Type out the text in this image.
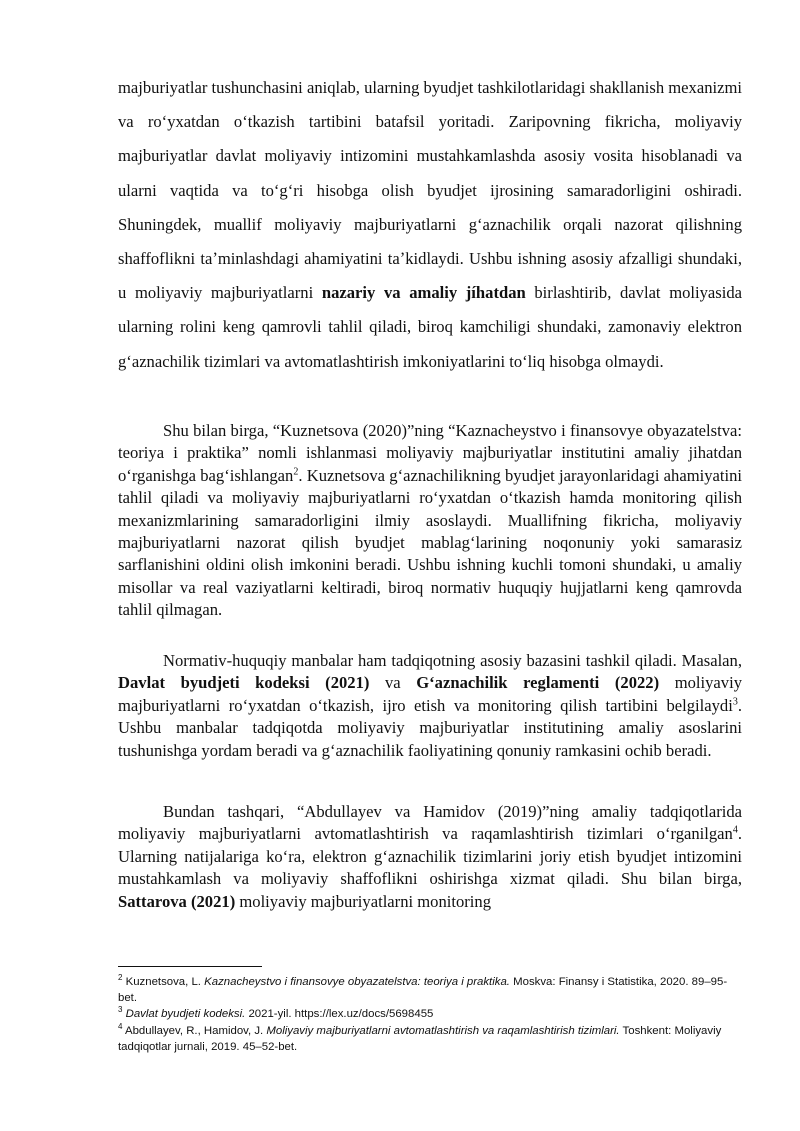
majburiyatlar tushunchasini aniqlab, ularning byudjet tashkilotlaridagi shakllanish mexanizmi va roʻyxatdan oʻtkazish tartibini batafsil yoritadi. Zaripovning fikricha, moliyaviy majburiyatlar davlat moliyaviy intizomini mustahkamlashda asosiy vosita hisoblanadi va ularni vaqtida va toʻgʻri hisobga olish byudjet ijrosining samaradorligini oshiradi. Shuningdek, muallif moliyaviy majburiyatlarni gʻaznachilik orqali nazorat qilishning shaffoflikni taʼminlashdagi ahamiyatini taʼkidlaydi. Ushbu ishning asosiy afzalligi shundaki, u moliyaviy majburiyatlarni nazariy va amaliy jíhatdan birlashtirib, davlat moliyasida ularning rolini keng qamrovli tahlil qiladi, biroq kamchiligi shundaki, zamonaviy elektron gʻaznachilik tizimlari va avtomatlashtirish imkoniyatlarini toʻliq hisobga olmaydi.

Shu bilan birga, “Kuznetsova (2020)”ning “Kaznacheystvo i finansovye obyazatelstva: teoriya i praktika” nomli ishlanmasi moliyaviy majburiyatlar institutini amaliy jihatdan oʻrganishga bagʻishlangan$^2$. Kuznetsova gʻaznachilikning byudjet jarayonlaridagi ahamiyatini tahlil qiladi va moliyaviy majburiyatlarni roʻyxatdan oʻtkazish hamda monitoring qilish mexanizmlarining samaradorligini ilmiy asoslaydi. Muallifning fikricha, moliyaviy majburiyatlarni nazorat qilish byudjet mablagʻlarining noqonuniy yoki samarasiz sarflanishini oldini olish imkonini beradi. Ushbu ishning kuchli tomoni shundaki, u amaliy misollar va real vaziyatlarni keltiradi, biroq normativ huquqiy hujjatlarni keng qamrovda tahlil qilmagan.

Normativ-huquqiy manbalar ham tadqiqotning asosiy bazasini tashkil qiladi. Masalan, Davlat byudjeti kodeksi (2021) va Gʻaznachilik reglamenti (2022) moliyaviy majburiyatlarni roʻyxatdan oʻtkazish, ijro etish va monitoring qilish tartibini belgilaydi$^3$. Ushbu manbalar tadqiqotda moliyaviy majburiyatlar institutining amaliy asoslarini tushunishga yordam beradi va gʻaznachilik faoliyatining qonuniy ramkasini ochib beradi.

Bundan tashqari, “Abdullayev va Hamidov (2019)”ning amaliy tadqiqotlarida moliyaviy majburiyatlarni avtomatlashtirish va raqamlashtirish tizimlari oʻrganilgan$^4$. Ularning natijalariga koʻra, elektron gʻaznachilik tizimlarini joriy etish byudjet intizomini mustahkamlash va moliyaviy shaffoflikni oshirishga xizmat qiladi. Shu bilan birga, Sattarova (2021) moliyaviy majburiyatlarni monitoring

$^2$ Kuznetsova, L. Kaznacheystvo i finansovye obyazatelstva: teoriya i praktika. Moskva: Finansy i Statistika, 2020. 89–95-bet.

$^3$ Davlat byudjeti kodeksi. 2021-yil. https://lex.uz/docs/5698455

$^4$ Abdullayev, R., Hamidov, J. Moliyaviy majburiyatlarni avtomatlashtirish va raqamlashtirish tizimlari. Toshkent: Moliyaviy tadqiqotlar jurnali, 2019. 45–52-bet.
